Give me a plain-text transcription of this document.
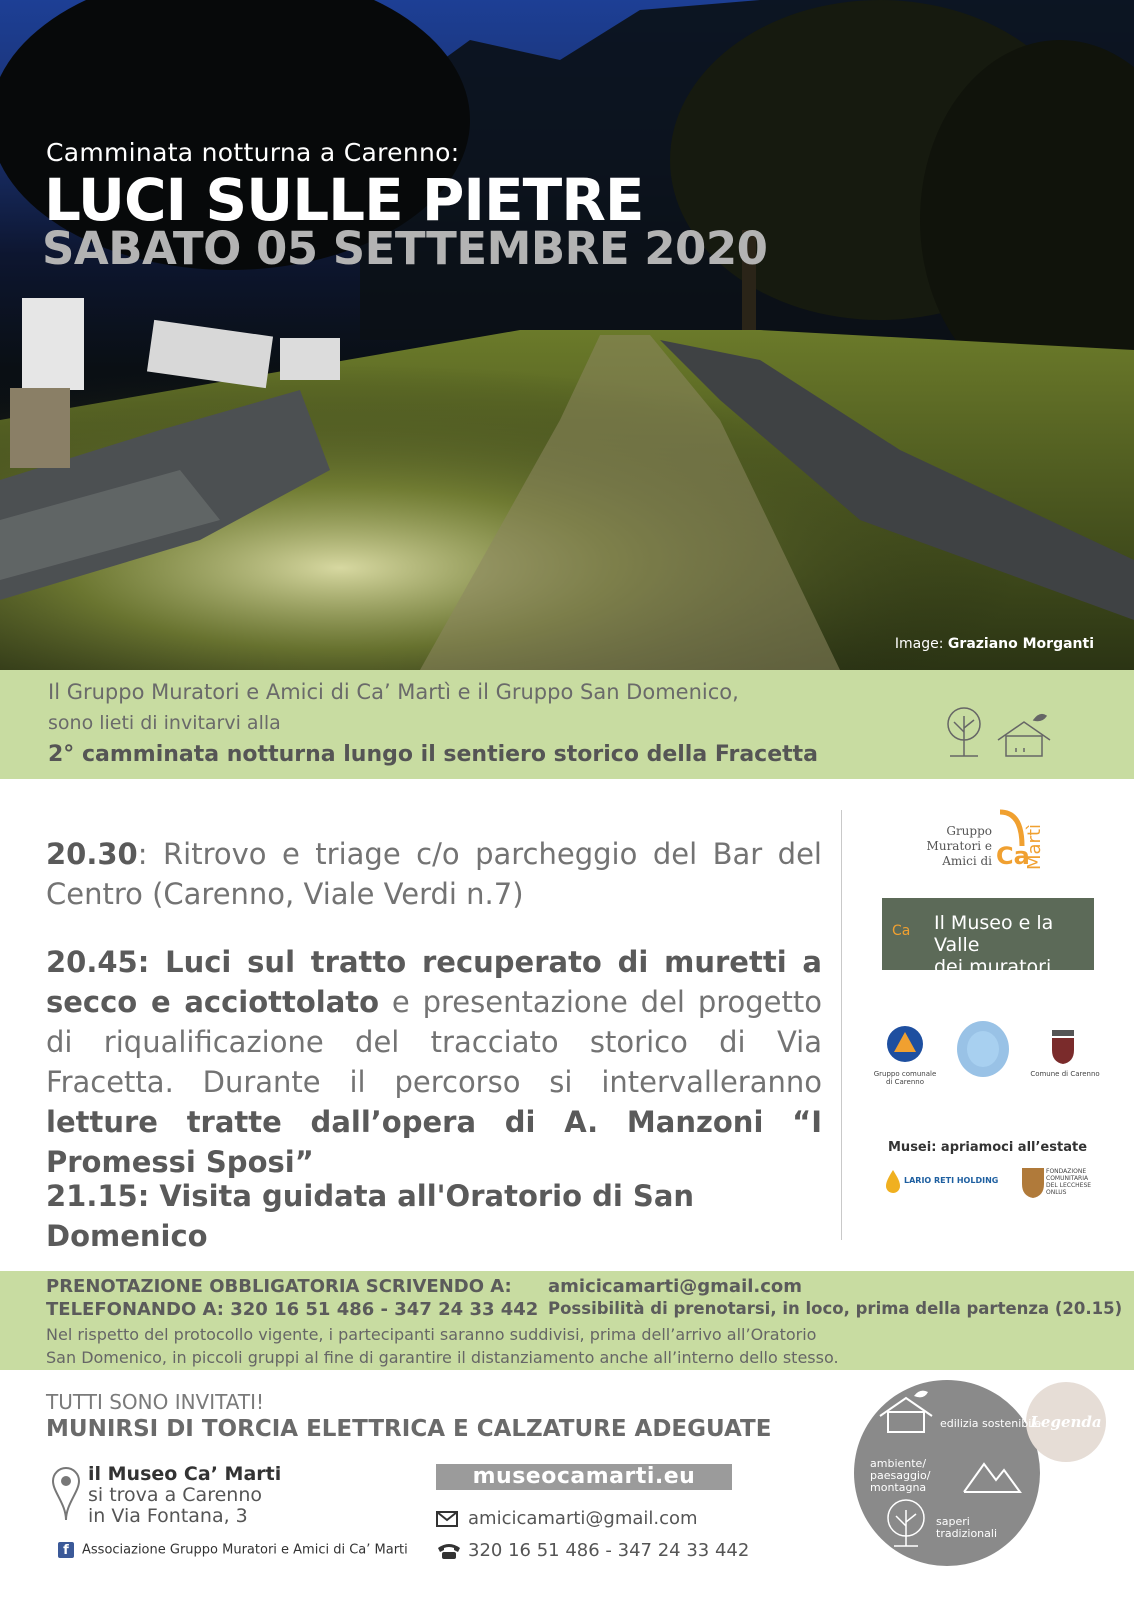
Camminata notturna a Carenno:
LUCI SULLE PIETRE
SABATO 05 SETTEMBRE 2020
Image: Graziano Morganti
Il Gruppo Muratori e Amici di Ca’ Martì e il Gruppo San Domenico,
sono lieti di invitarvi alla
2° camminata notturna lungo il sentiero storico della Fracetta
20.30: Ritrovo e triage c/o parcheggio del Bar del Centro (Carenno, Viale Verdi n.7)
20.45: Luci sul tratto recuperato di muretti a secco e acciottolato e presentazione del progetto di riqualificazione del tracciato storico di Via Fracetta. Durante il percorso si intervalleranno letture tratte dall’opera di A. Manzoni “I Promessi Sposi”
21.15: Visita guidata all'Oratorio di San Domenico
Gruppo Muratori e Amici di Ca
Martì
Ca Il Museo e la Valle
dei muratori
Gruppo comunale di Carenno
Comune di Carenno
Musei: apriamoci all’estate
LARIO RETI HOLDING
FONDAZIONE COMUNITARIA DEL LECCHESE ONLUS
PRENOTAZIONE OBBLIGATORIA SCRIVENDO A: amicicamarti@gmail.com
TELEFONANDO A: 320 16 51 486 - 347 24 33 442 Possibilità di prenotarsi, in loco, prima della partenza (20.15)
Nel rispetto del protocollo vigente, i partecipanti saranno suddivisi, prima dell’arrivo all’Oratorio
San Domenico, in piccoli gruppi al fine di garantire il distanziamento anche all’interno dello stesso.
TUTTI SONO INVITATI!
MUNIRSI DI TORCIA ELETTRICA E CALZATURE ADEGUATE
il Museo Ca’ Marti
si trova a Carenno
in Via Fontana, 3
f Associazione Gruppo Muratori e Amici di Ca’ Marti
museocamarti.eu
amicicamarti@gmail.com
320 16 51 486 - 347 24 33 442
Legenda
edilizia sostenibile
ambiente/ paesaggio/ montagna
saperi tradizionali
